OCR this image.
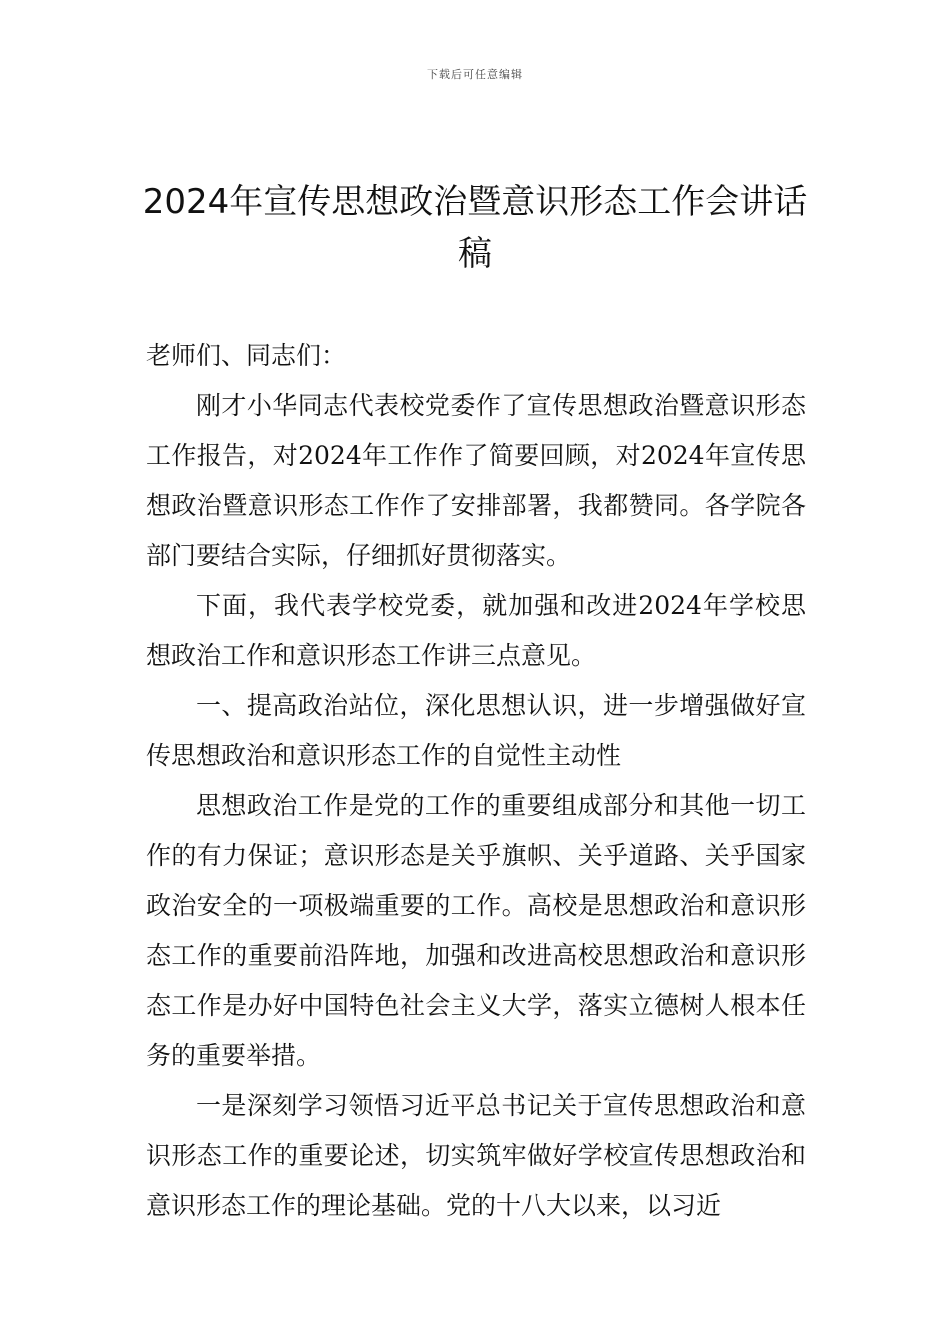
下载后可任意编辑
2024年宣传思想政治暨意识形态工作会讲话稿

老师们、同志们：

刚才小华同志代表校党委作了宣传思想政治暨意识形态工作报告，对2024年工作作了简要回顾，对2024年宣传思想政治暨意识形态工作作了安排部署，我都赞同。各学院各部门要结合实际，仔细抓好贯彻落实。

下面，我代表学校党委，就加强和改进2024年学校思想政治工作和意识形态工作讲三点意见。

一、提高政治站位，深化思想认识，进一步增强做好宣传思想政治和意识形态工作的自觉性主动性

思想政治工作是党的工作的重要组成部分和其他一切工作的有力保证；意识形态是关乎旗帜、关乎道路、关乎国家政治安全的一项极端重要的工作。高校是思想政治和意识形态工作的重要前沿阵地，加强和改进高校思想政治和意识形态工作是办好中国特色社会主义大学，落实立德树人根本任务的重要举措。

一是深刻学习领悟习近平总书记关于宣传思想政治和意识形态工作的重要论述，切实筑牢做好学校宣传思想政治和意识形态工作的理论基础。党的十八大以来，以习近
